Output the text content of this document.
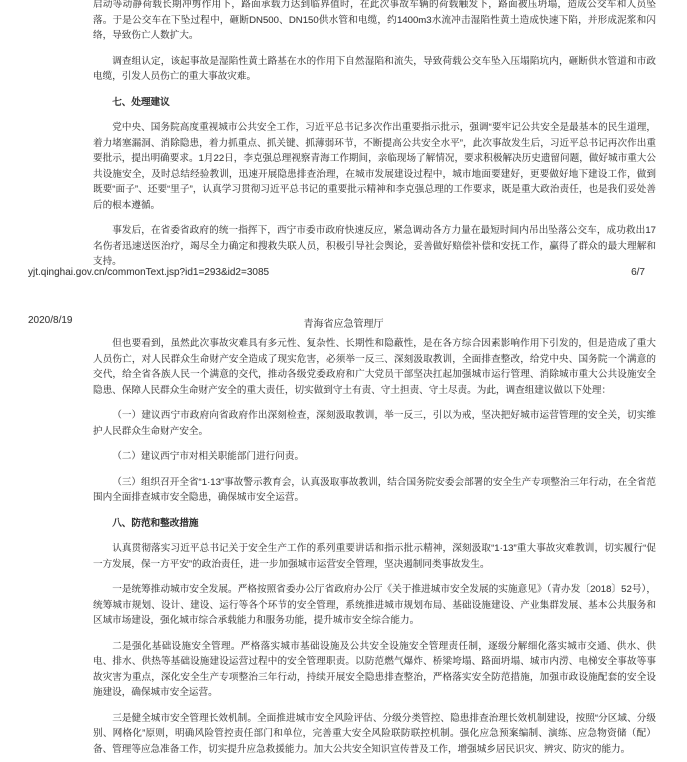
启动等动静荷载长期冲剪作用下，路面承载力达到临界值时，在此次事故车辆的荷载触发下，路面被压坍塌，造成公交车和人员坠落。于是公交车在下坠过程中，砸断DN500、DN150供水管和电缆，约1400m3水流冲击湿陷性黄土造成快速下陷，并形成泥浆和闪络，导致伤亡人数扩大。

调查组认定，该起事故是湿陷性黄土路基在水的作用下自然湿陷和流失，导致荷载公交车坠入压塌陷坑内，砸断供水管道和市政电缆，引发人员伤亡的重大事故灾难。

七、处理建议

党中央、国务院高度重视城市公共安全工作，习近平总书记多次作出重要指示批示，强调“要牢记公共安全是最基本的民生道理，着力堵塞漏洞、消除隐患，着力抓重点、抓关键、抓薄弱环节，不断提高公共安全水平”，此次事故发生后，习近平总书记再次作出重要批示，提出明确要求。1月22日，李克强总理视察青海工作期间，亲临现场了解情况，要求积极解决历史遗留问题，做好城市重大公共设施安全，及时总结经验教训，迅速开展隐患排查治理，在城市发展建设过程中，城市地面要建好，更要做好地下建设工作，做到既要“面子”、还要“里子”，认真学习贯彻习近平总书记的重要批示精神和李克强总理的工作要求，既是重大政治责任，也是我们妥处善后的根本遵循。

事发后，在省委省政府的统一指挥下，西宁市委市政府快速反应，紧急调动各方力量在最短时间内吊出坠落公交车，成功救出17名伤者迅速送医治疗，竭尽全力确定和搜救失联人员，积极引导社会舆论，妥善做好赔偿补偿和安抚工作，赢得了群众的最大理解和支持。

yjt.qinghai.gov.cn/commonText.jsp?id1=293&id2=3085	6/7
2020/8/19	青海省应急管理厅

但也要看到，虽然此次事故灾难具有多元性、复杂性、长期性和隐蔽性，是在各方综合因素影响作用下引发的，但是造成了重大人员伤亡，对人民群众生命财产安全造成了现实危害，必须举一反三、深刻汲取教训，全面排查整改，给党中央、国务院一个满意的交代，给全省各族人民一个满意的交代，推动各级党委政府和广大党员干部坚决扛起加强城市运行管理、消除城市重大公共设施安全隐患、保障人民群众生命财产安全的重大责任，切实做到守土有责、守土担责、守土尽责。为此，调查组建议做以下处理：

（一）建议西宁市政府向省政府作出深刻检查，深刻汲取教训，举一反三，引以为戒，坚决把好城市运营管理的安全关，切实维护人民群众生命财产安全。

（二）建议西宁市对相关职能部门进行问责。

（三）组织召开全省“1·13”事故警示教育会，认真汲取事故教训，结合国务院安委会部署的安全生产专项整治三年行动，在全省范围内全面排查城市安全隐患，确保城市安全运营。

八、防范和整改措施

认真贯彻落实习近平总书记关于安全生产工作的系列重要讲话和指示批示精神，深刻汲取“1·13”重大事故灾难教训，切实履行“促一方发展，保一方平安”的政治责任，进一步加强城市运营安全管理，坚决遏制同类事故发生。

一是统筹推动城市安全发展。严格按照省委办公厅省政府办公厅《关于推进城市安全发展的实施意见》（青办发〔2018〕52号），统筹城市规划、设计、建设、运行等各个环节的安全管理，系统推进城市规划布局、基础设施建设、产业集群发展、基本公共服务和区域市场建设，强化城市综合承载能力和服务功能，提升城市安全综合能力。

二是强化基础设施安全管理。严格落实城市基础设施及公共安全设施安全管理责任制，逐级分解细化落实城市交通、供水、供电、排水、供热等基础设施建设运营过程中的安全管理职责。以防范燃气爆炸、桥梁垮塌、路面坍塌、城市内涝、电梯安全事故等事故灾害为重点，深化安全生产专项整治三年行动，持续开展安全隐患排查整治，严格落实安全防范措施，加强市政设施配套的安全设施建设，确保城市安全运营。

三是健全城市安全管理长效机制。全面推进城市安全风险评估、分级分类管控、隐患排查治理长效机制建设，按照“分区域、分级别、网格化”原则，明确风险管控责任部门和单位，完善重大安全风险联防联控机制。强化应急预案编制、演练、应急物资储（配）备、管理等应急准备工作，切实提升应急救援能力。加大公共安全知识宣传普及工作，增强城乡居民识灾、辨灾、防灾的能力。
